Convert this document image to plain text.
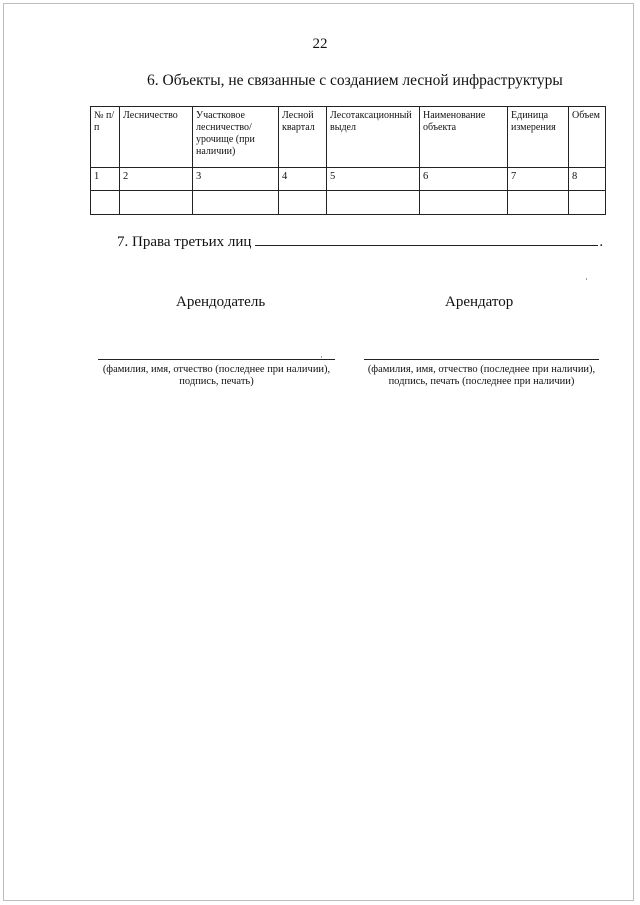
22
6. Объекты, не связанные с созданием лесной инфраструктуры
№ п/п	Лесничество	Участковое лесничество/ урочище (при наличии)	Лесной квартал	Лесотаксационный выдел	Наименование объекта	Единица измерения	Объем
1	2	3	4	5	6	7	8

7. Права третьих лиц	.
Арендодатель	Арендатор
(фамилия, имя, отчество (последнее при наличии), подпись, печать)
(фамилия, имя, отчество (последнее при наличии), подпись, печать (последнее при наличии)
